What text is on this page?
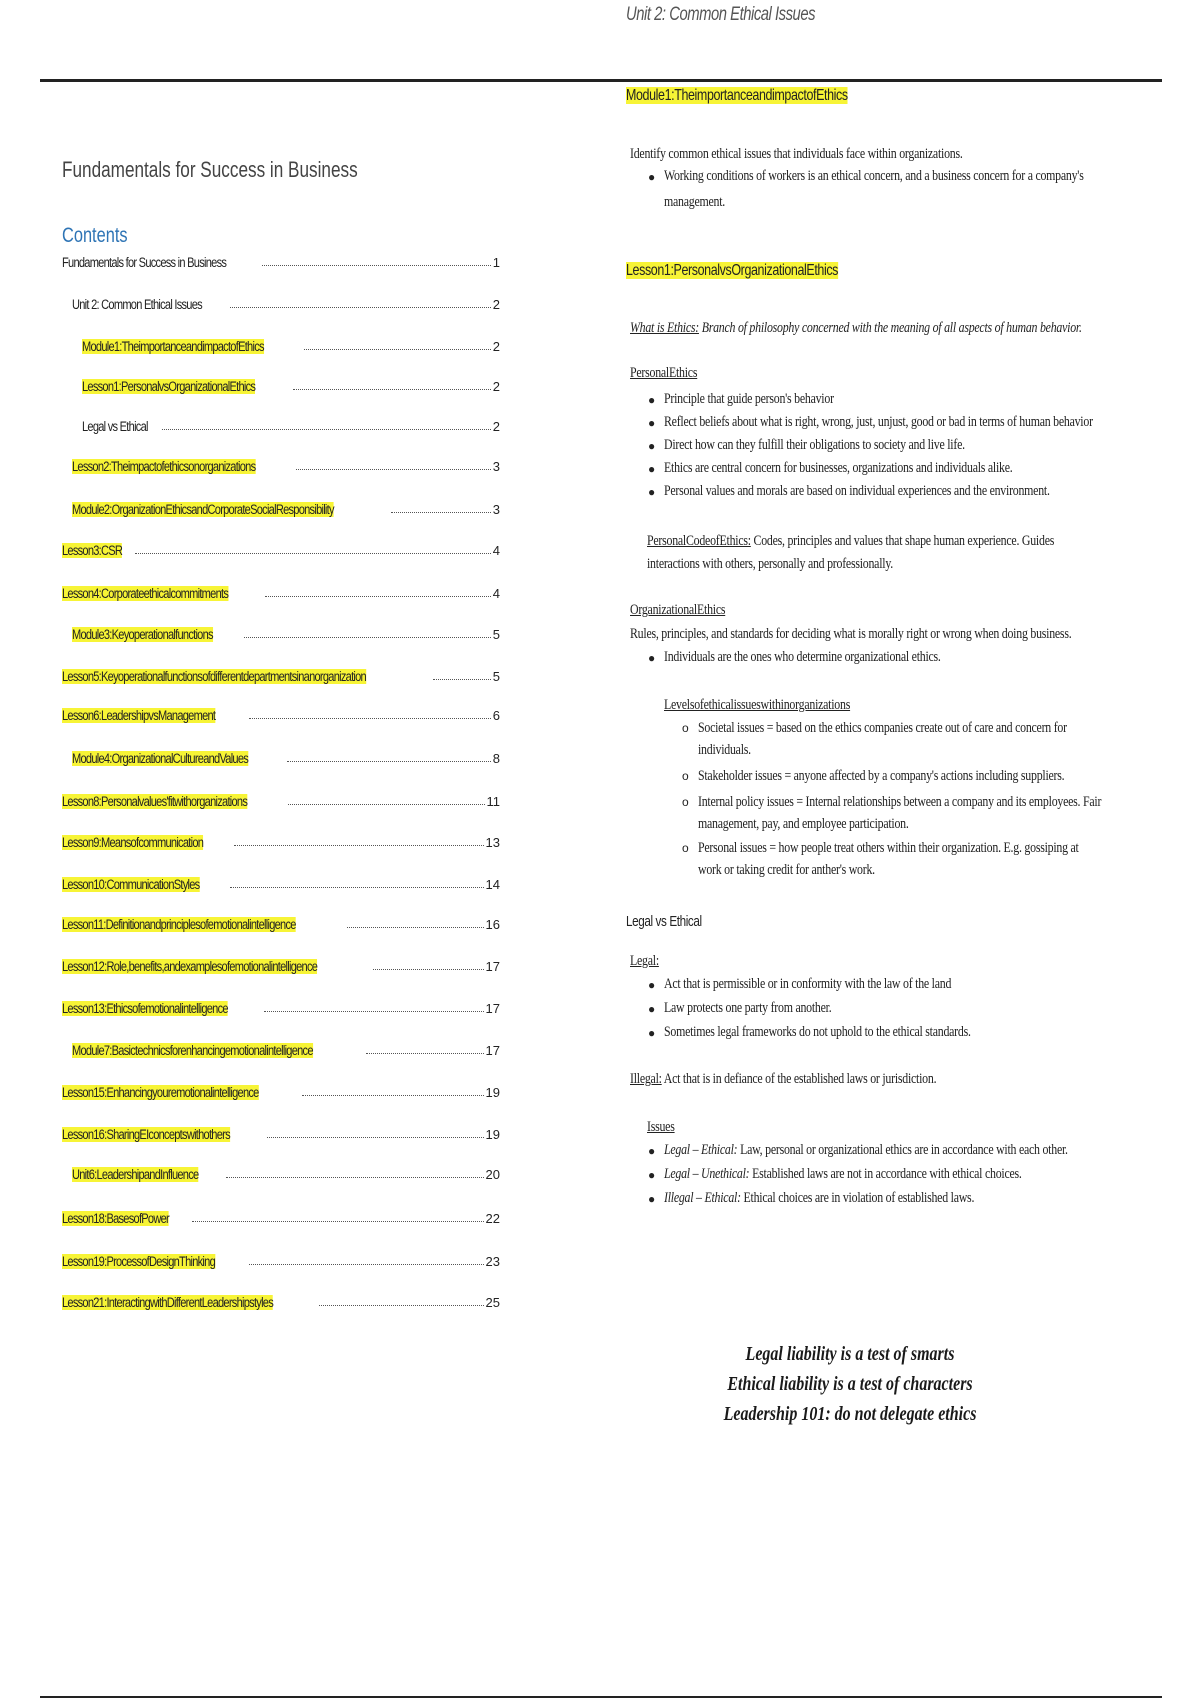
Unit 2: Common Ethical Issues
Fundamentals for Success in Business
Contents
Fundamentals for Success in Business	1
Unit 2: Common Ethical Issues	2
Module1:TheimportanceandimpactofEthics	2
Lesson1:PersonalvsOrganizationalEthics	2
Legal vs Ethical	2
Lesson2:Theimpactofethicsonorganizations	3
Module2:OrganizationEthicsandCorporateSocialResponsibility	3
Lesson3:CSR	4
Lesson4:Corporateethicalcommitments	4
Module3:Keyoperationalfunctions	5
Lesson5:Keyoperationalfunctionsofdifferentdepartmentsinanorganization	5
Lesson6:LeadershipvsManagement	6
Module4:OrganizationalCultureandValues	8
Lesson8:Personalvalues'fitwithorganizations	11
Lesson9:Meansofcommunication	13
Lesson10:CommunicationStyles	14
Lesson11:Definitionandprinciplesofemotionalintelligence	16
Lesson12:Role,benefits,andexamplesofemotionalintelligence	17
Lesson13:Ethicsofemotionalintelligence	17
Module7:Basictechnicsforenhancingemotionalintelligence	17
Lesson15:Enhancingyouremotionalintelligence	19
Lesson16:SharingEIconceptswithothers	19
Unit6:LeadershipandInfluence	20
Lesson18:BasesofPower	22
Lesson19:ProcessofDesignThinking	23
Lesson21:InteractingwithDifferentLeadershipstyles	25
Module1:TheimportanceandimpactofEthics
Identify common ethical issues that individuals face within organizations.
● Working conditions of workers is an ethical concern, and a business concern for a company's
management.
Lesson1:PersonalvsOrganizationalEthics
What is Ethics: Branch of philosophy concerned with the meaning of all aspects of human behavior.
PersonalEthics
● Principle that guide person's behavior
● Reflect beliefs about what is right, wrong, just, unjust, good or bad in terms of human behavior
● Direct how can they fulfill their obligations to society and live life.
● Ethics are central concern for businesses, organizations and individuals alike.
● Personal values and morals are based on individual experiences and the environment.
PersonalCodeofEthics: Codes, principles and values that shape human experience. Guides
interactions with others, personally and professionally.
OrganizationalEthics
Rules, principles, and standards for deciding what is morally right or wrong when doing business.
● Individuals are the ones who determine organizational ethics.
Levelsofethicalissueswithinorganizations
o Societal issues = based on the ethics companies create out of care and concern for
individuals.
o Stakeholder issues = anyone affected by a company's actions including suppliers.
o Internal policy issues = Internal relationships between a company and its employees. Fair
management, pay, and employee participation.
o Personal issues = how people treat others within their organization. E.g. gossiping at
work or taking credit for anther's work.
Legal vs Ethical
Legal:
● Act that is permissible or in conformity with the law of the land
● Law protects one party from another.
● Sometimes legal frameworks do not uphold to the ethical standards.
Illegal: Act that is in defiance of the established laws or jurisdiction.
Issues
● Legal – Ethical: Law, personal or organizational ethics are in accordance with each other.
● Legal – Unethical: Established laws are not in accordance with ethical choices.
● Illegal – Ethical: Ethical choices are in violation of established laws.
Legal liability is a test of smarts
Ethical liability is a test of characters
Leadership 101: do not delegate ethics
